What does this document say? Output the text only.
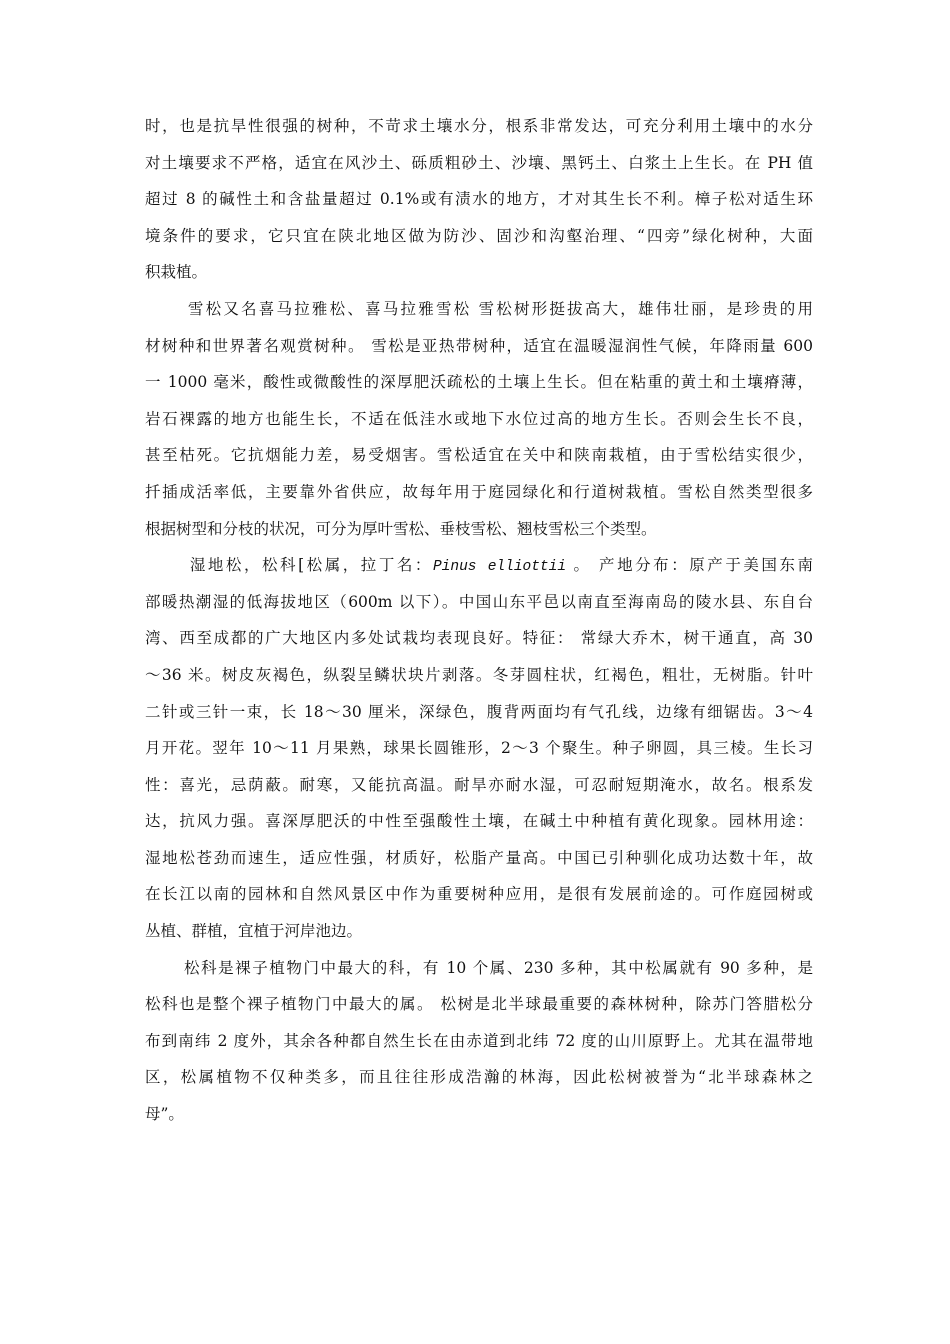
时，也是抗旱性很强的树种，不苛求土壤水分，根系非常发达，可充分利用土壤中的水分
对土壤要求不严格，适宜在风沙土、砾质粗砂土、沙壤、黑钙土、白浆土上生长。在 PH 值
超过 8 的碱性土和含盐量超过 0.1%或有渍水的地方，才对其生长不利。樟子松对适生环
境条件的要求，它只宜在陕北地区做为防沙、固沙和沟壑治理、“四旁”绿化树种，大面
积栽植。
雪松又名喜马拉雅松、喜马拉雅雪松 雪松树形挺拔高大，雄伟壮丽，是珍贵的用
材树种和世界著名观赏树种。 雪松是亚热带树种，适宜在温暖湿润性气候，年降雨量 600
一 1000 毫米，酸性或微酸性的深厚肥沃疏松的土壤上生长。但在粘重的黄土和土壤瘠薄，
岩石裸露的地方也能生长，不适在低洼水或地下水位过高的地方生长。否则会生长不良，
甚至枯死。它抗烟能力差，易受烟害。雪松适宜在关中和陕南栽植，由于雪松结实很少，
扦插成活率低，主要靠外省供应，故每年用于庭园绿化和行道树栽植。雪松自然类型很多
根据树型和分枝的状况，可分为厚叶雪松、垂枝雪松、翘枝雪松三个类型。
湿地松，松科[松属，拉丁名：Pinus elliottii 。 产地分布：原产于美国东南
部暖热潮湿的低海拔地区（600m 以下）。中国山东平邑以南直至海南岛的陵水县、东自台
湾、西至成都的广大地区内多处试栽均表现良好。特征： 常绿大乔木，树干通直，高 30
～36 米。树皮灰褐色，纵裂呈鳞状块片剥落。冬芽圆柱状，红褐色，粗壮，无树脂。针叶
二针或三针一束，长 18～30 厘米，深绿色，腹背两面均有气孔线，边缘有细锯齿。3～4
月开花。翌年 10～11 月果熟，球果长圆锥形，2～3 个聚生。种子卵圆，具三棱。生长习
性：喜光，忌荫蔽。耐寒，又能抗高温。耐旱亦耐水湿，可忍耐短期淹水，故名。根系发
达，抗风力强。喜深厚肥沃的中性至强酸性土壤，在碱土中种植有黄化现象。园林用途：
湿地松苍劲而速生，适应性强，材质好，松脂产量高。中国已引种驯化成功达数十年，故
在长江以南的园林和自然风景区中作为重要树种应用，是很有发展前途的。可作庭园树或
丛植、群植，宜植于河岸池边。
松科是裸子植物门中最大的科，有 10 个属、230 多种，其中松属就有 90 多种，是
松科也是整个裸子植物门中最大的属。 松树是北半球最重要的森林树种，除苏门答腊松分
布到南纬 2 度外，其余各种都自然生长在由赤道到北纬 72 度的山川原野上。尤其在温带地
区，松属植物不仅种类多，而且往往形成浩瀚的林海，因此松树被誉为“北半球森林之
母”。
